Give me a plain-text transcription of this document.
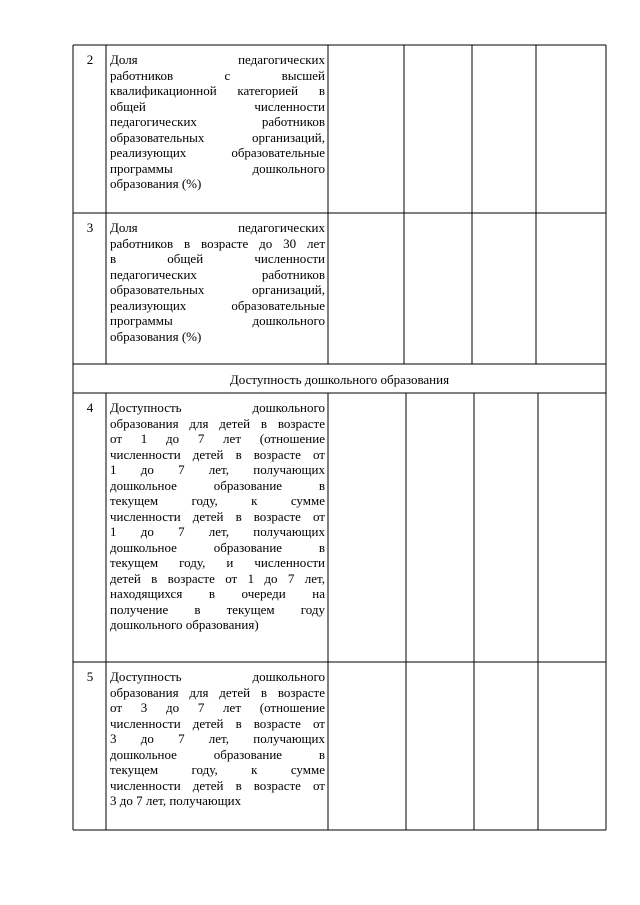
2	Доля педагогических
работников с высшей
квалификационной категорией в
общей численности
педагогических работников
образовательных организаций,
реализующих образовательные
программы дошкольного
образования (%)
3	Доля педагогических
работников в возрасте до 30 лет
в общей численности
педагогических работников
образовательных организаций,
реализующих образовательные
программы дошкольного
образования (%)
Доступность дошкольного образования
4	Доступность дошкольного
образования для детей в возрасте
от 1 до 7 лет (отношение
численности детей в возрасте от
1 до 7 лет, получающих
дошкольное образование в
текущем году, к сумме
численности детей в возрасте от
1 до 7 лет, получающих
дошкольное образование в
текущем году, и численности
детей в возрасте от 1 до 7 лет,
находящихся в очереди на
получение в текущем году
дошкольного образования)
5	Доступность дошкольного
образования для детей в возрасте
от 3 до 7 лет (отношение
численности детей в возрасте от
3 до 7 лет, получающих
дошкольное образование в
текущем году, к сумме
численности детей в возрасте от
3 до 7 лет, получающих
